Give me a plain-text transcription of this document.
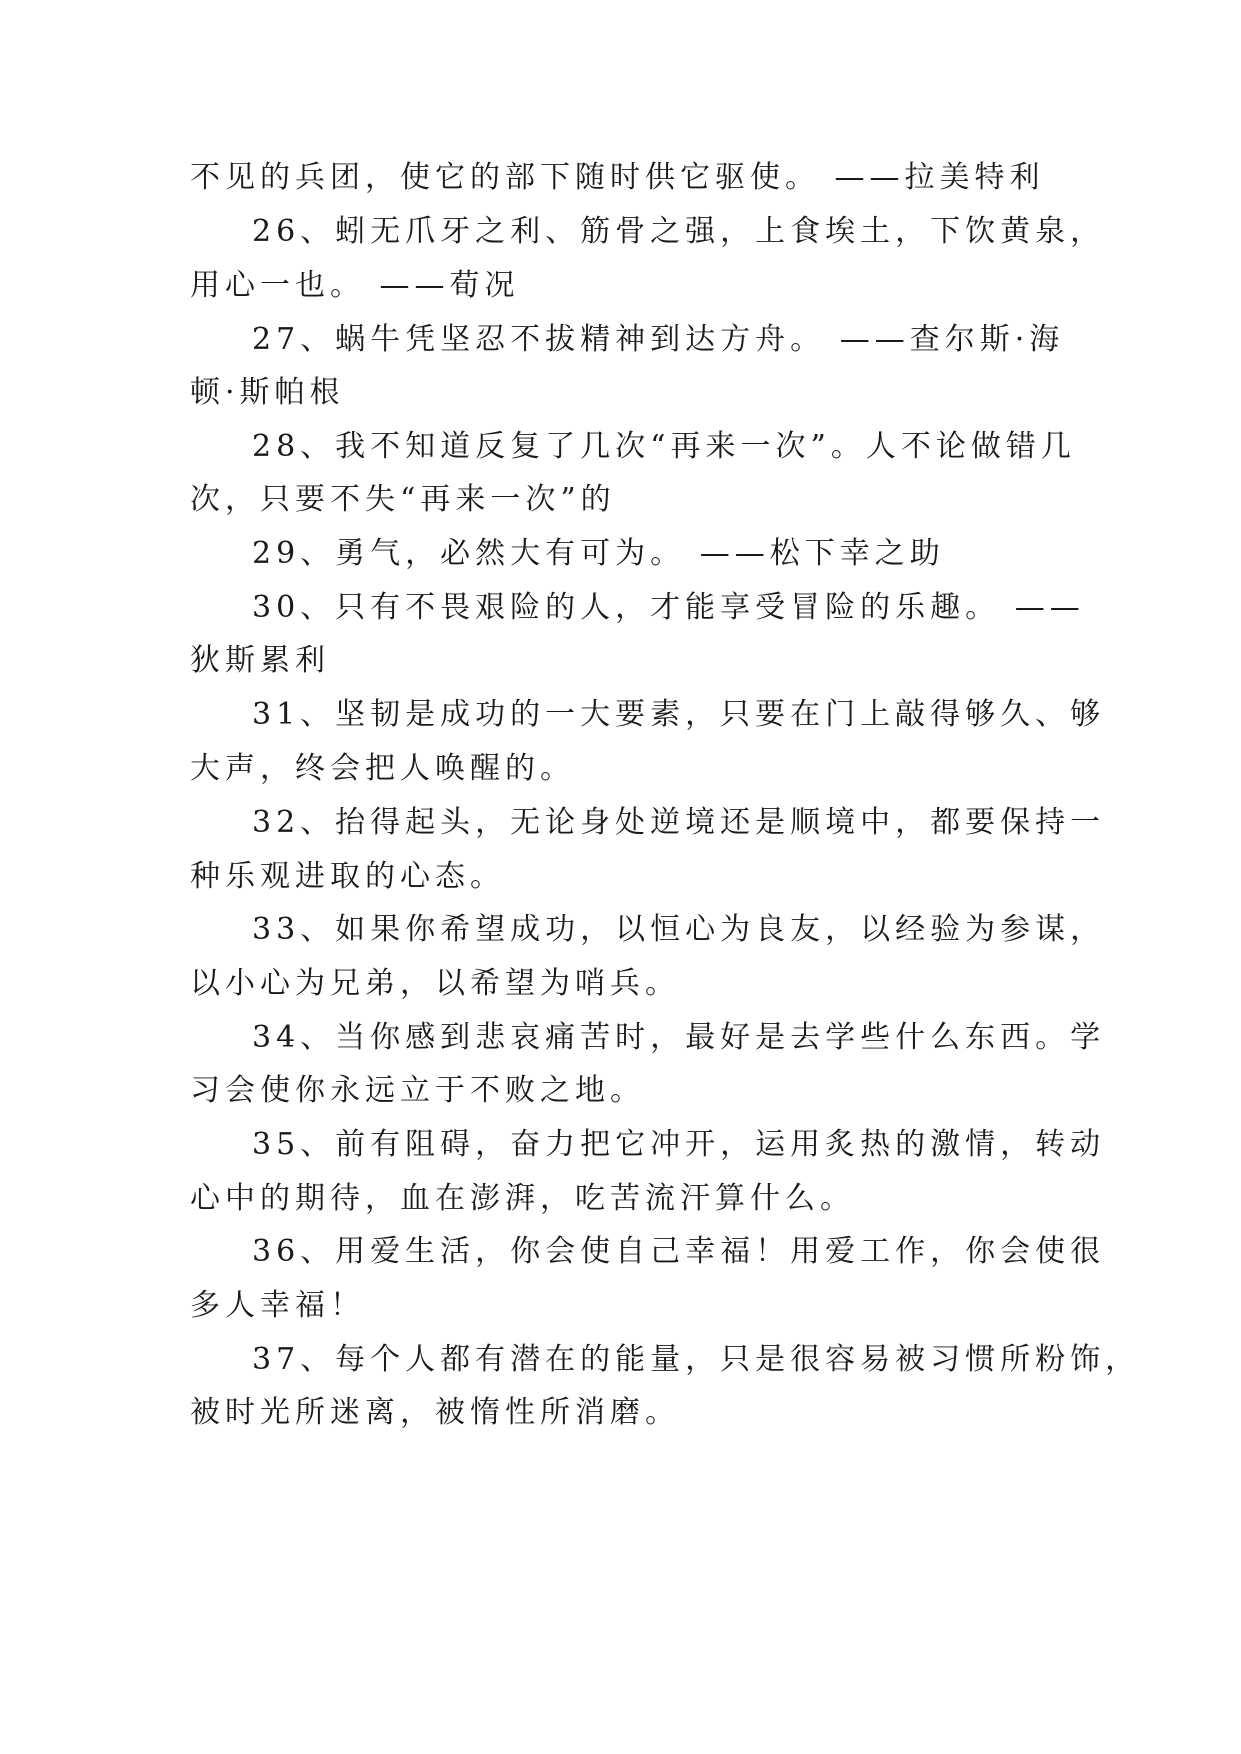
不见的兵团，使它的部下随时供它驱使。 ——拉美特利
26、蚓无爪牙之利、筋骨之强，上食埃土，下饮黄泉，
用心一也。 ——荀况
27、蜗牛凭坚忍不拔精神到达方舟。 ——查尔斯·海
顿·斯帕根
28、我不知道反复了几次“再来一次”。人不论做错几
次，只要不失“再来一次”的
29、勇气，必然大有可为。 ——松下幸之助
30、只有不畏艰险的人，才能享受冒险的乐趣。 ——
狄斯累利
31、坚韧是成功的一大要素，只要在门上敲得够久、够
大声，终会把人唤醒的。
32、抬得起头，无论身处逆境还是顺境中，都要保持一
种乐观进取的心态。
33、如果你希望成功，以恒心为良友，以经验为参谋，
以小心为兄弟，以希望为哨兵。
34、当你感到悲哀痛苦时，最好是去学些什么东西。学
习会使你永远立于不败之地。
35、前有阻碍，奋力把它冲开，运用炙热的激情，转动
心中的期待，血在澎湃，吃苦流汗算什么。
36、用爱生活，你会使自己幸福！用爱工作，你会使很
多人幸福！
37、每个人都有潜在的能量，只是很容易被习惯所粉饰，
被时光所迷离，被惰性所消磨。
